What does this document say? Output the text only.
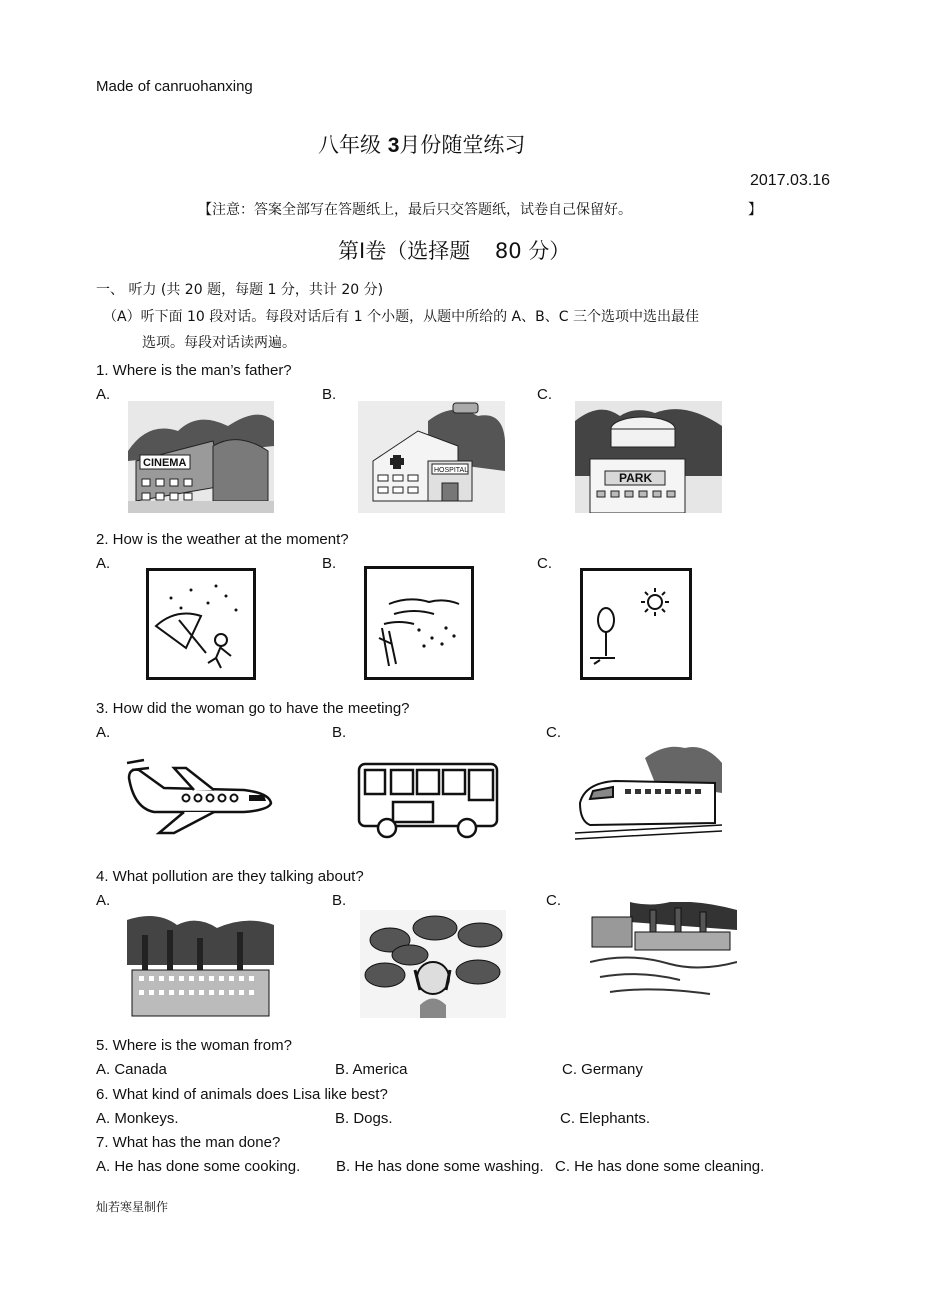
Made of canruohanxing
八年级 3月份随堂练习
2017.03.16
【注意：答案全部写在答题纸上，最后只交答题纸，试卷自己保留好。	】
第Ⅰ卷（选择题 80 分）
一、 听力 (共 20 题，每题 1 分，共计 20 分)
（A）听下面 10 段对话。每段对话后有 1 个小题，从题中所给的 A、B、C 三个选项中选出最佳
选项。每段对话读两遍。
1. Where is the man’s father?
A.	B.	C.
CINEMA
HOSPITAL
PARK
2. How is the weather at the moment?
A.	B.	C.
3. How did the woman go to have the meeting?
A.	B.	C.
4. What pollution are they talking about?
A.	B.	C.
5. Where is the woman from?
A. Canada	B. America	C. Germany
6. What kind of animals does Lisa like best?
A. Monkeys.	B. Dogs.	C. Elephants.
7. What has the man done?
A. He has done some cooking. B. He has done some washing. C. He has done some cleaning.
灿若寒星制作
